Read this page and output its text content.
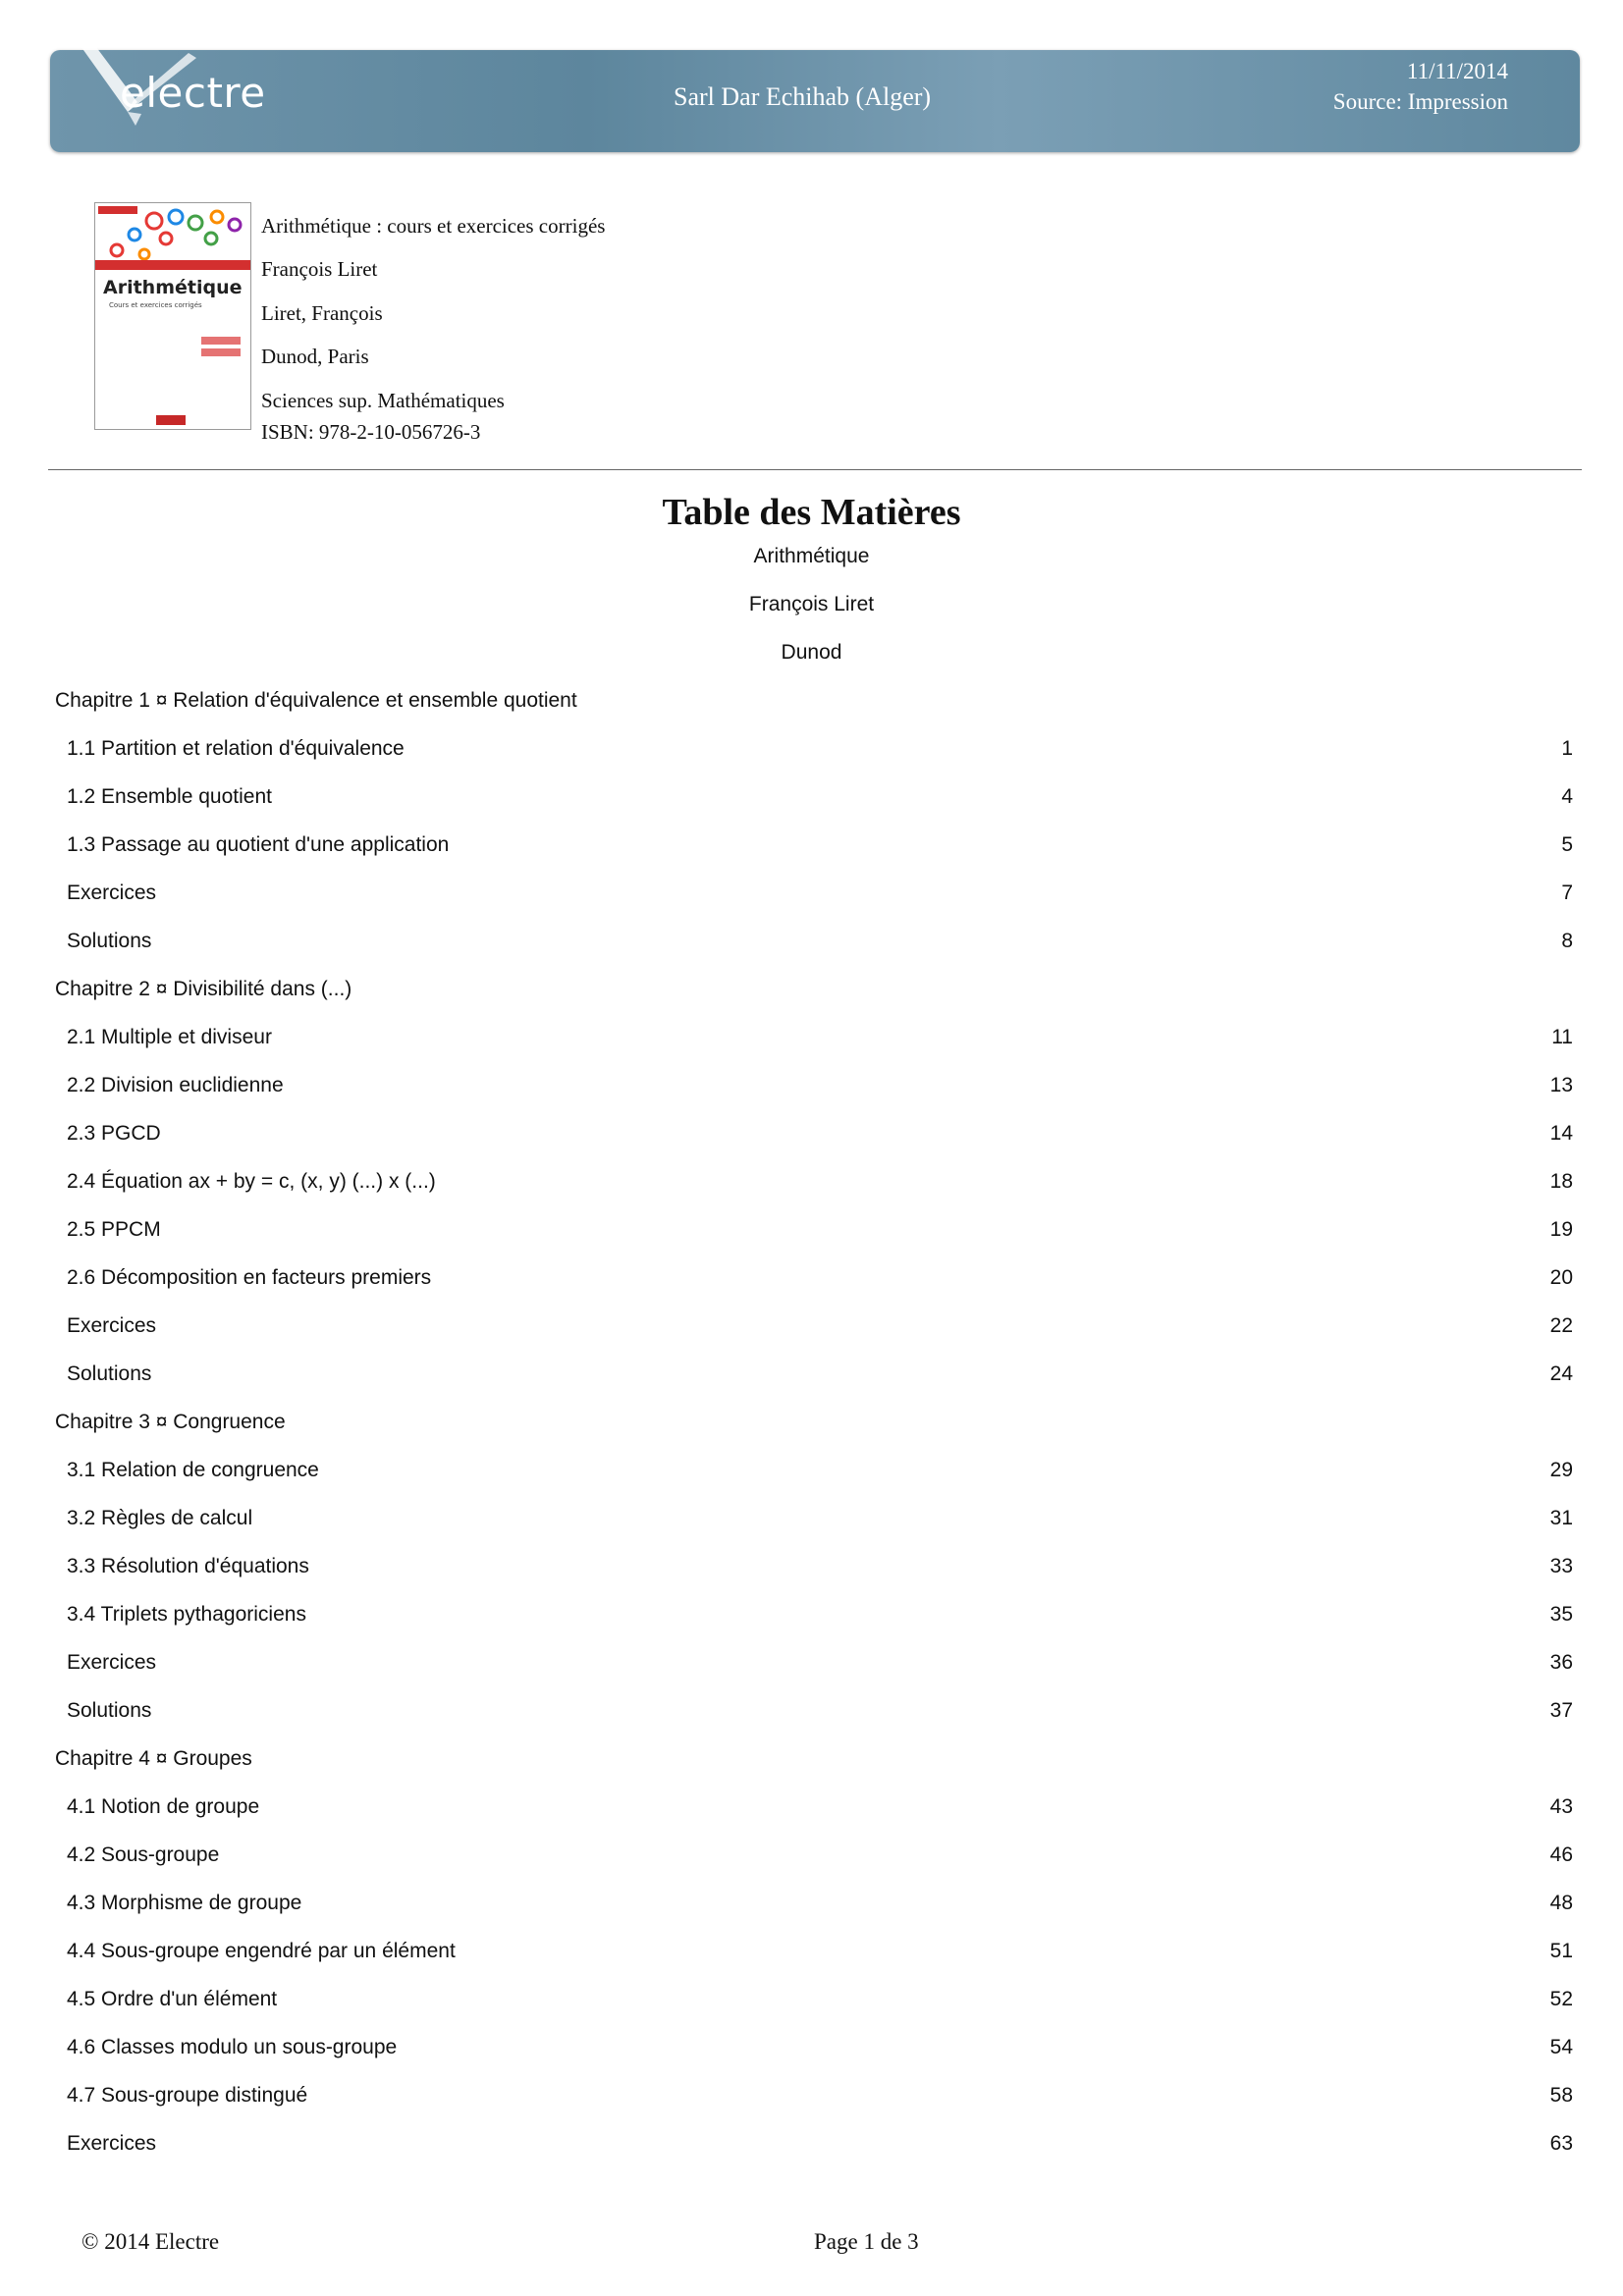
electre	Sarl Dar Echihab (Alger)
11/11/2014
Source: Impression
Arithmétique
Cours et exercices corrigés
Arithmétique : cours et exercices corrigés
François Liret
Liret, François
Dunod, Paris
Sciences sup. Mathématiques
ISBN: 978-2-10-056726-3
Table des Matières
Arithmétique
François Liret
Dunod
Chapitre 1 ¤ Relation d'équivalence et ensemble quotient
1.1 Partition et relation d'équivalence	1
1.2 Ensemble quotient	4
1.3 Passage au quotient d'une application	5
Exercices	7
Solutions	8
Chapitre 2 ¤ Divisibilité dans (...)
2.1 Multiple et diviseur	11
2.2 Division euclidienne	13
2.3 PGCD	14
2.4 Équation ax + by = c, (x, y) (...) x (...)	18
2.5 PPCM	19
2.6 Décomposition en facteurs premiers	20
Exercices	22
Solutions	24
Chapitre 3 ¤ Congruence
3.1 Relation de congruence	29
3.2 Règles de calcul	31
3.3 Résolution d'équations	33
3.4 Triplets pythagoriciens	35
Exercices	36
Solutions	37
Chapitre 4 ¤ Groupes
4.1 Notion de groupe	43
4.2 Sous-groupe	46
4.3 Morphisme de groupe	48
4.4 Sous-groupe engendré par un élément	51
4.5 Ordre d'un élément	52
4.6 Classes modulo un sous-groupe	54
4.7 Sous-groupe distingué	58
Exercices	63
© 2014 Electre	Page 1 de 3
